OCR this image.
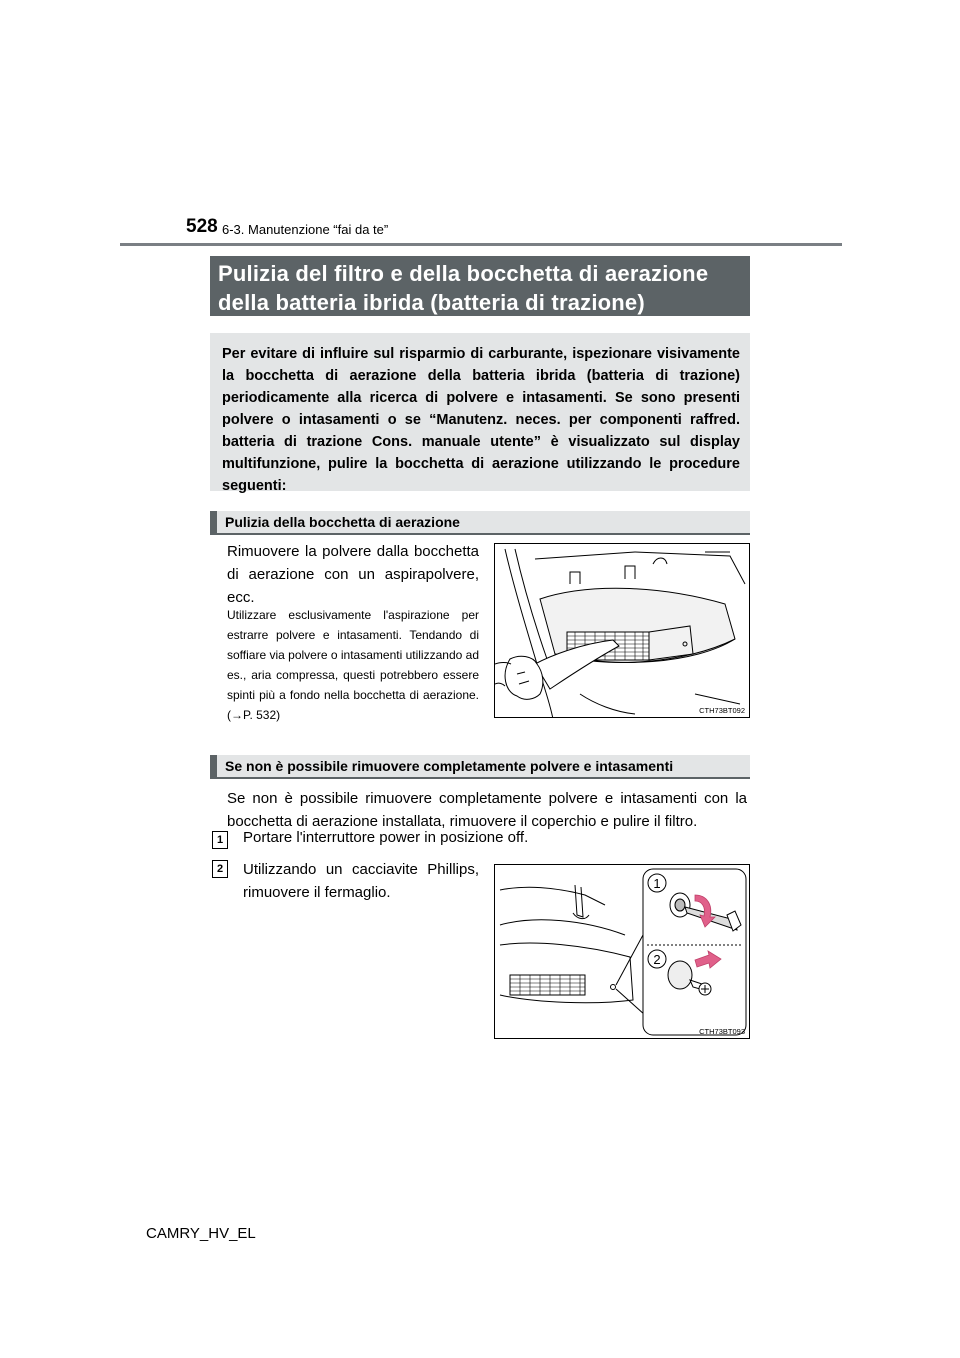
528 6-3. Manutenzione “fai da te”
Pulizia del filtro e della bocchetta di aerazione
della batteria ibrida (batteria di trazione)
Per evitare di influire sul risparmio di carburante, ispezionare visivamente la bocchetta di aerazione della batteria ibrida (batteria di trazione) periodicamente alla ricerca di polvere e intasamenti. Se sono presenti polvere o intasamenti o se “Manutenz. neces. per componenti raffred. batteria di trazione Cons. manuale utente” è visualizzato sul display multifunzione, pulire la bocchetta di aerazione utilizzando le procedure seguenti:
Pulizia della bocchetta di aerazione
Rimuovere la polvere dalla bocchetta di aerazione con un aspirapolvere, ecc.
Utilizzare esclusivamente l'aspirazione per estrarre polvere e intasamenti. Tendando di soffiare via polvere o intasamenti utilizzando ad es., aria compressa, questi potrebbero essere spinti più a fondo nella bocchetta di aerazione. (→P. 532)	CTH73BT092
Se non è possibile rimuovere completamente polvere e intasamenti
Se non è possibile rimuovere completamente polvere e intasamenti con la bocchetta di aerazione installata, rimuovere il coperchio e pulire il filtro.
1	Portare l'interruttore power in posizione off.
2	Utilizzando un cacciavite Phillips, rimuovere il fermaglio.
1
2
CTH73BT093
CAMRY_HV_EL
